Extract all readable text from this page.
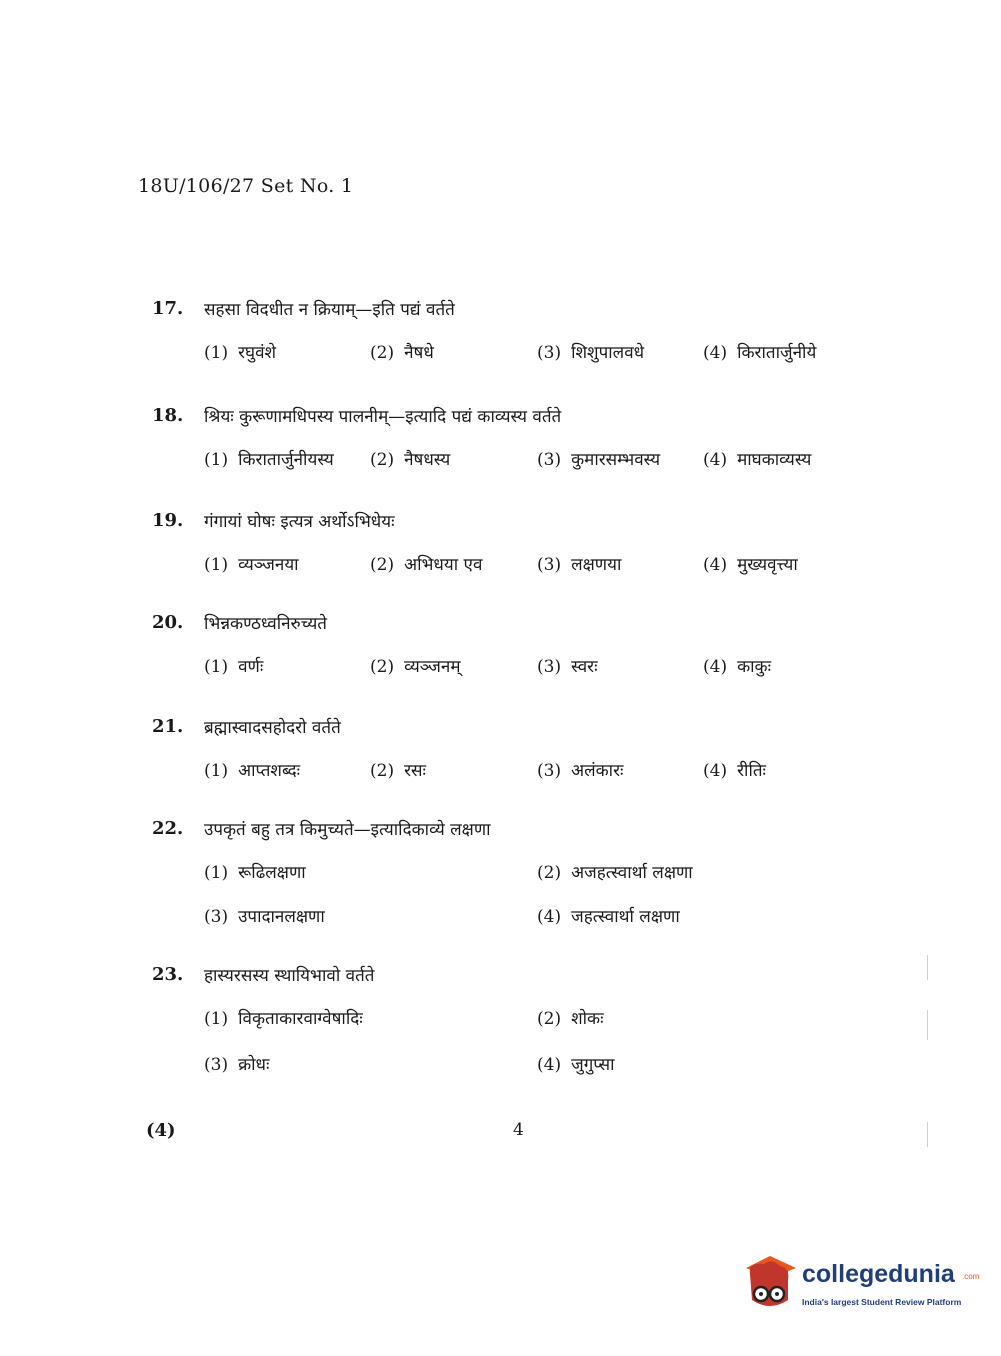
18U/106/27 Set No. 1
17. सहसा विदधीत न क्रियाम्—इति पद्यं वर्तते
(1) रघुवंशे	(2) नैषधे	(3) शिशुपालवधे	(4) किरातार्जुनीये
18. श्रियः कुरूणामधिपस्य पालनीम्—इत्यादि पद्यं काव्यस्य वर्तते
(1) किरातार्जुनीयस्य (2) नैषधस्य	(3) कुमारसम्भवस्य	(4) माघकाव्यस्य
19. गंगायां घोषः इत्यत्र अर्थोऽभिधेयः
(1) व्यञ्जनया	(2) अभिधया एव	(3) लक्षणया	(4) मुख्यवृत्त्या
20. भिन्नकण्ठध्वनिरुच्यते
(1) वर्णः	(2) व्यञ्जनम्	(3) स्वरः	(4) काकुः
21. ब्रह्मास्वादसहोदरो वर्तते
(1) आप्तशब्दः	(2) रसः	(3) अलंकारः	(4) रीतिः
22. उपकृतं बहु तत्र किमुच्यते—इत्यादिकाव्ये लक्षणा
(1) रूढिलक्षणा	(2) अजहत्स्वार्था लक्षणा
(3) उपादानलक्षणा	(4) जहत्स्वार्था लक्षणा
23. हास्यरसस्य स्थायिभावो वर्तते
(1) विकृताकारवाग्वेषादिः	(2) शोकः
(3) क्रोधः	(4) जुगुप्सा
(4)	4
collegedunia .com
India's largest Student Review Platform
